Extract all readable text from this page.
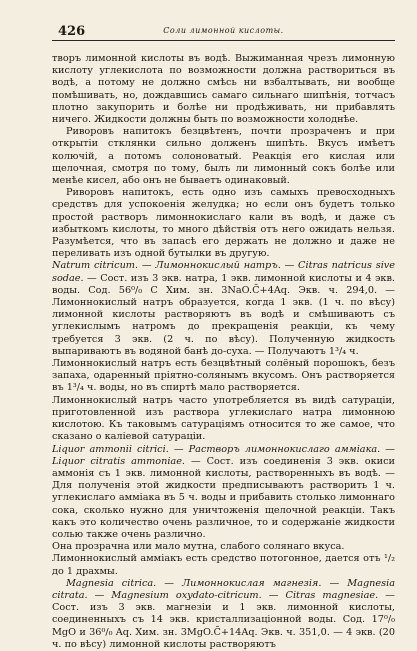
426	Соли лимонной кислоты.

творъ лимонной кислоты въ водѣ. Выжиманная чрезъ лимонную кислоту углекислота по возможности должна раствориться въ водѣ, а потому не должно смѣсь ни взбалтывать, ни вообще помѣшивать, но, дождавшись самаго сильнаго шипѣнія, тотчасъ плотно закупорить и болѣе ни продѣживать, ни прибавлять ничего. Жидкости должны быть по возможности холоднѣе.

Риворовъ напитокъ безцвѣтенъ, почти прозраченъ и при открытіи стклянки сильно долженъ шипѣть. Вкусъ имѣетъ колючій, а потомъ солоноватый. Реакція его кислая или щелочная, смотря по тому, былъ ли лимонный сокъ болѣе или менѣе кисел, або онъ не бываетъ одинаковый.

Риворовъ напитокъ, есть одно изъ самыхъ превосходныхъ средствъ для успокоенія желудка; но если онъ будетъ только простой растворъ лимоннокислаго кали въ водѣ, и даже съ избыткомъ кислоты, то много дѣйствія отъ него ожидать нельзя. Разумѣется, что въ запасѣ его держать не должно и даже не переливать изъ одной бутылки въ другую.

Natrum citricum. — Лимоннокислый натръ. — Citras natricus sive sodae. — Сост. изъ 3 экв. натра, 1 экв. лимонной кислоты и 4 экв. воды. Сод. 56⁰/₀ C Хим. зн. 3NaO.C̄+4Aq. Экв. ч. 294,0. — Лимоннокислый натръ образуется, когда 1 экв. (1 ч. по вѣсу) лимонной кислоты растворяютъ въ водѣ и смѣшиваютъ съ углекислымъ натромъ до прекращенія реакціи, къ чему требуется 3 экв. (2 ч. по вѣсу). Полученную жидкость выпариваютъ въ водяной банѣ до-суха. — Получаютъ 1³/₄ ч.

Лимоннокислый натръ есть безцвѣтный солёный порошокъ, безъ запаха, одаренный пріятно-солянымъ вкусомъ. Онъ растворяется въ 1³/₄ ч. воды, но въ спиртѣ мало растворяется.

Лимоннокислый натръ часто употребляется въ видѣ сатураціи, приготовленной изъ раствора углекислаго натра лимонною кислотою. Къ таковымъ сатураціямъ относится то же самое, что сказано о каліевой сатураціи.

Liquor ammonii citrici. — Растворъ лимоннокислаго аммiака. — Liquor citratis ammoniae. — Сост. изъ соединенія 3 экв. окиси аммонія съ 1 экв. лимонной кислоты, растворенныхъ въ водѣ. — Для полученія этой жидкости предписываютъ растворить 1 ч. углекислаго аммiака въ 5 ч. воды и прибавить столько лимоннаго сока, сколько нужно для уничтоженія щелочной реакціи. Такъ какъ это количество очень различное, то и содержаніе жидкости солью также очень различно.

Она прозрачна или мало мутна, слабого солянаго вкуса.

Лимоннокислый аммiакъ есть средство потогонное, дается отъ ¹/₂ до 1 драхмы.

Magnesia citrica. — Лимоннокислая магнезія. — Magnesia citrata. — Magnesium oxydato-citricum. — Citras magnesiae. — Сост. изъ 3 экв. магнезіи и 1 экв. лимонной кислоты, соединенныхъ съ 14 экв. кристаллизаціонной воды. Сод. 17⁰/₀ MgO и 36⁰/₀ Aq. Хим. зн. 3MgO.C̄+14Aq. Экв. ч. 351,0. — 4 экв. (20 ч. по вѣсу) лимонной кислоты растворяютъ
